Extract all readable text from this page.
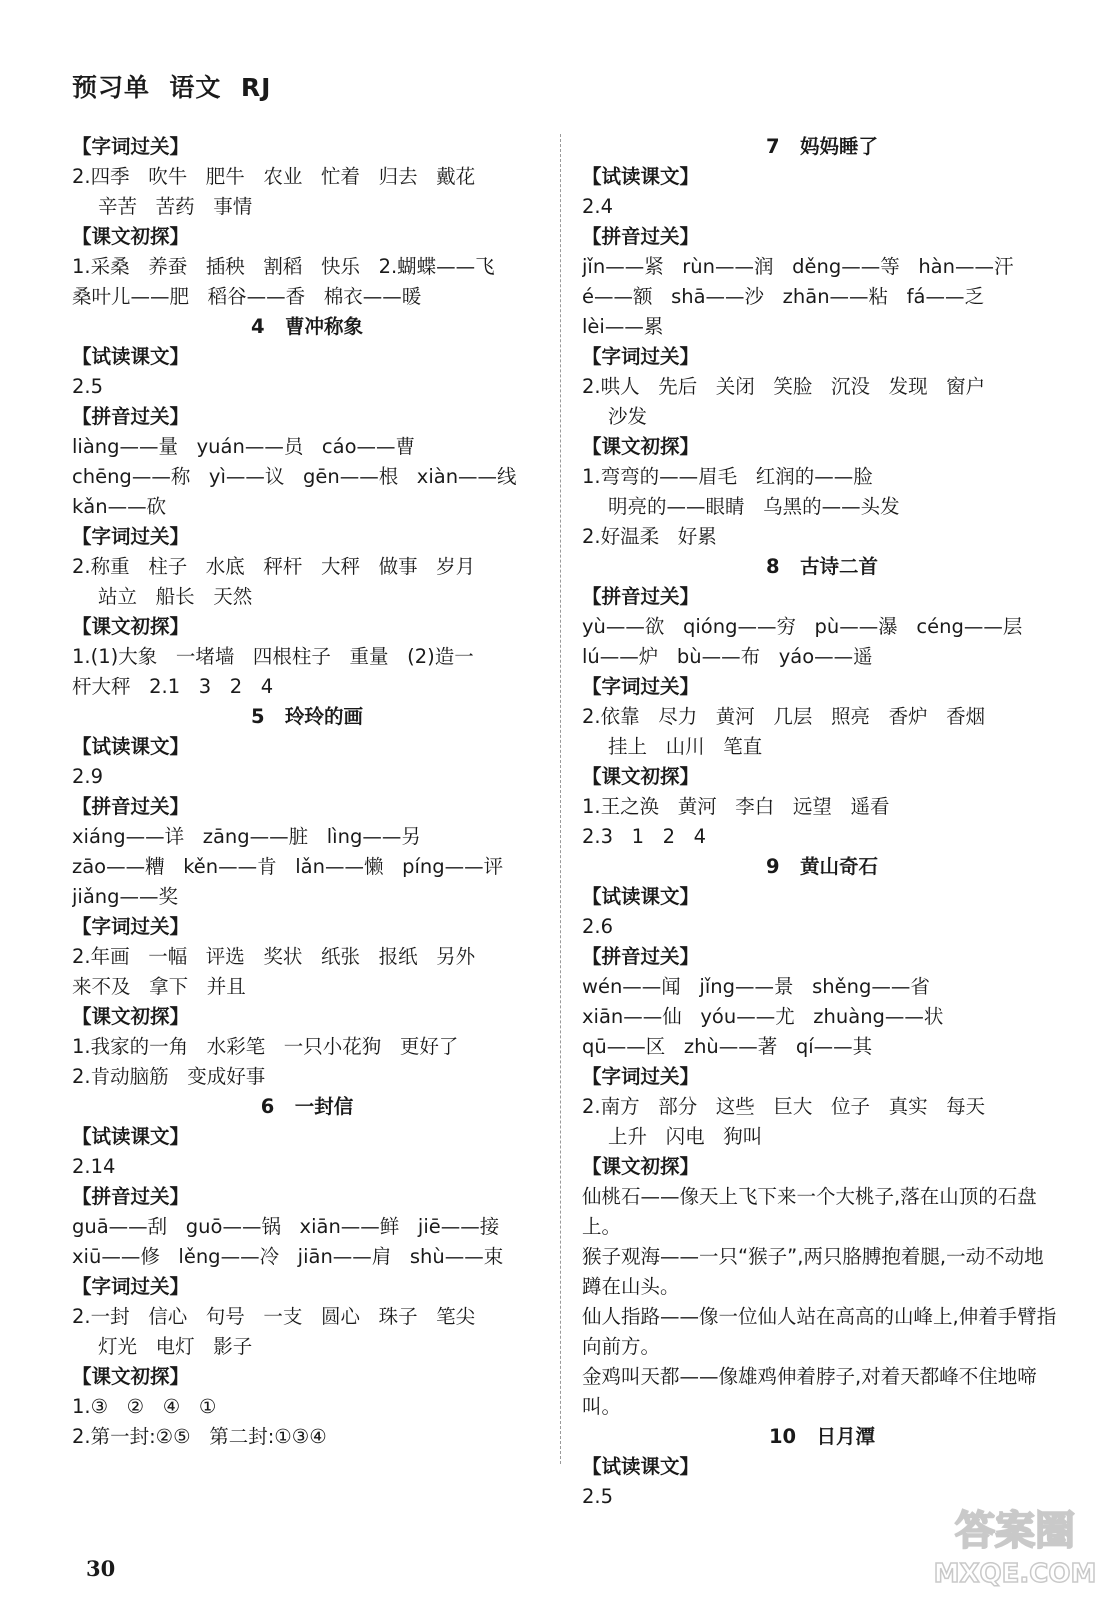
预习单  语文  RJ
【字词过关】
2.四季   吹牛   肥牛   农业   忙着   归去   戴花
辛苦   苦药   事情
【课文初探】
1.采桑   养蚕   插秧   割稻   快乐   2.蝴蝶——飞
桑叶儿——肥   稻谷——香   棉衣——暖
4   曹冲称象
【试读课文】
2.5
【拼音过关】
liàng——量   yuán——员   cáo——曹
chēng——称   yì——议   gēn——根   xiàn——线
kǎn——砍
【字词过关】
2.称重   柱子   水底   秤杆   大秤   做事   岁月
站立   船长   天然
【课文初探】
1.(1)大象   一堵墙   四根柱子   重量   (2)造一
杆大秤   2.1   3   2   4
5   玲玲的画
【试读课文】
2.9
【拼音过关】
xiáng——详   zāng——脏   lìng——另
zāo——糟   kěn——肯   lǎn——懒   píng——评
jiǎng——奖
【字词过关】
2.年画   一幅   评选   奖状   纸张   报纸   另外
来不及   拿下   并且
【课文初探】
1.我家的一角   水彩笔   一只小花狗   更好了
2.肯动脑筋   变成好事
6   一封信
【试读课文】
2.14
【拼音过关】
guā——刮   guō——锅   xiān——鲜   jiē——接
xiū——修   lěng——冷   jiān——肩   shù——束
【字词过关】
2.一封   信心   句号   一支   圆心   珠子   笔尖
灯光   电灯   影子
【课文初探】
1.③   ②   ④   ①
2.第一封:②⑤   第二封:①③④
7   妈妈睡了
【试读课文】
2.4
【拼音过关】
jǐn——紧   rùn——润   děng——等   hàn——汗
é——额   shā——沙   zhān——粘   fá——乏
lèi——累
【字词过关】
2.哄人   先后   关闭   笑脸   沉没   发现   窗户
沙发
【课文初探】
1.弯弯的——眉毛   红润的——脸
明亮的——眼睛   乌黑的——头发
2.好温柔   好累
8   古诗二首
【拼音过关】
yù——欲   qióng——穷   pù——瀑   céng——层
lú——炉   bù——布   yáo——遥
【字词过关】
2.依靠   尽力   黄河   几层   照亮   香炉   香烟
挂上   山川   笔直
【课文初探】
1.王之涣   黄河   李白   远望   遥看
2.3   1   2   4
9   黄山奇石
【试读课文】
2.6
【拼音过关】
wén——闻   jǐng——景   shěng——省
xiān——仙   yóu——尤   zhuàng——状
qū——区   zhù——著   qí——其
【字词过关】
2.南方   部分   这些   巨大   位子   真实   每天
上升   闪电   狗叫
【课文初探】
仙桃石——像天上飞下来一个大桃子,落在山顶的石盘上。
猴子观海——一只“猴子”,两只胳膊抱着腿,一动不动地蹲在山头。
仙人指路——像一位仙人站在高高的山峰上,伸着手臂指向前方。
金鸡叫天都——像雄鸡伸着脖子,对着天都峰不住地啼叫。
10   日月潭
【试读课文】
2.5
30
答案圈
MXQE.COM
